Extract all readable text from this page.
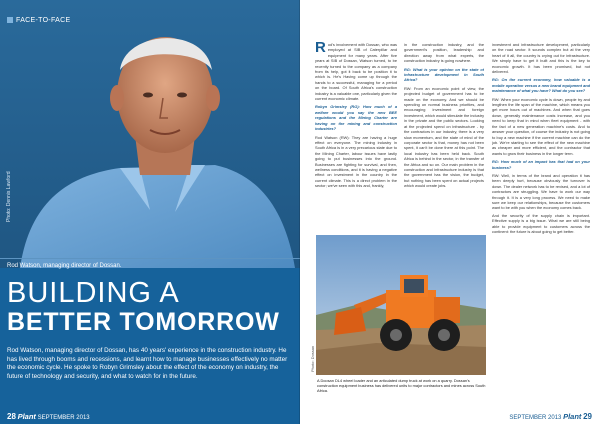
FACE-TO-FACE
Photo: Dennis Lawford
Rod Watson, managing director of Dossan.
BUILDING A
BETTER TOMORROW
Rod Watson, managing director of Dossan, has 40 years' experience in the construction industry. He has lived through booms and recessions, and learnt how to manage businesses effectively no matter the economic cycle. He spoke to Robyn Grimsley about the effect of the economy on industry, the future of technology and security, and what to watch for in the future.
28 Plant SEPTEMBER 2013

Rod's involvement with Dossan, who was employed at SIB of Caterpillar and equipment for many years. After five years at SIB of Dossan, Watson turned, to be recently turned to the company as a company from its help, got it back to be position it to which is. He's Having come up through the hands to a successful, managing for a period on the board. Of South Africa's construction industry is a valuable one, particularly given the current economic climate.

Robyn Grimsley (RG): How much of a welfare would you say the new BEE regulations and the Mining Charter are having on the mining and construction industries?

Rod Watson (RW): They are having a huge effect on everyone. The mining industry in South Africa is in a very precarious state due to the Mining Charter, labour issues have lastly going to put businesses into the ground. Businesses are fighting for survival, and then, wellness conditions, and it is having a negative effect on investment in the country in the current climate. This is a direct problem in the sector; we've seen with this and, frankly,

in the construction industry, and the government's position, leadership and direction away from what experts, the construction industry is going nowhere.

RG: What is your opinion on the state of infrastructure development in South Africa?

RW: From an economic point of view, the projected budget of government has to be made on the economy. And we should be spending on normal business priorities, and encouraging investment and foreign investment, which would stimulate the industry in the private and the public sectors. Looking at the projected spend on infrastructure - by the contractors in our industry, there is a very slow momentum, and the state of mind of the corporate sector is that, money has not been spent, it can't be done there at this point. The local industry has been held back. South Africa is behind in the sector, in the transfer of the Africa and so on. Our main problem in the construction and infrastructure industry is that the government has the vision, the budget, but nothing has been spent on actual projects which would create jobs.

investment and infrastructure development, particularly on the road sector. It sounds complex but at the very heart of it all, the country is crying out for infrastructure. We simply have to get it built and this is the key to economic growth. It has been promised, but not delivered.

RG: On the current economy, how valuable is a mobile operation versus a new brand equipment and maintenance of what you have? What do you see?

RW: When your economic cycle is down, people try and lengthen the life span of the machine, which means you get more hours out of machines. And when that goes down, generally maintenance costs increase, and you need to keep that in mind when fleet equipment - with the fact of a new generation machine's costs. And to answer your question, of course the industry is not going to buy a new machine if the current machine can do the job. We're starting to see the effect of the new machine as cheaper and more efficient, and the contractor that wants to grow their business in the longer term.

RG: How much of an impact has that had on your business?

RW: Well, in terms of the brand and operation it has been deeply hurt, because obviously the turnover is down. The dealer network has to be revised, and a lot of contractors are struggling. We have to work our way through it. It is a very long process. We need to make sure we keep our relationships, because the customers want to be with you when the economy comes back.

And the security of the supply chain is important. Effective supply is a big issue. What we are still being able to provide equipment to customers across the continent: the future is about going to get better.

Photo: Dossan
A Doosan DL4 wheel loader and an articulated dump truck at work on a quarry. Dossan's construction equipment business has delivered units to major contractors and mines across South Africa.
SEPTEMBER 2013 Plant 29
